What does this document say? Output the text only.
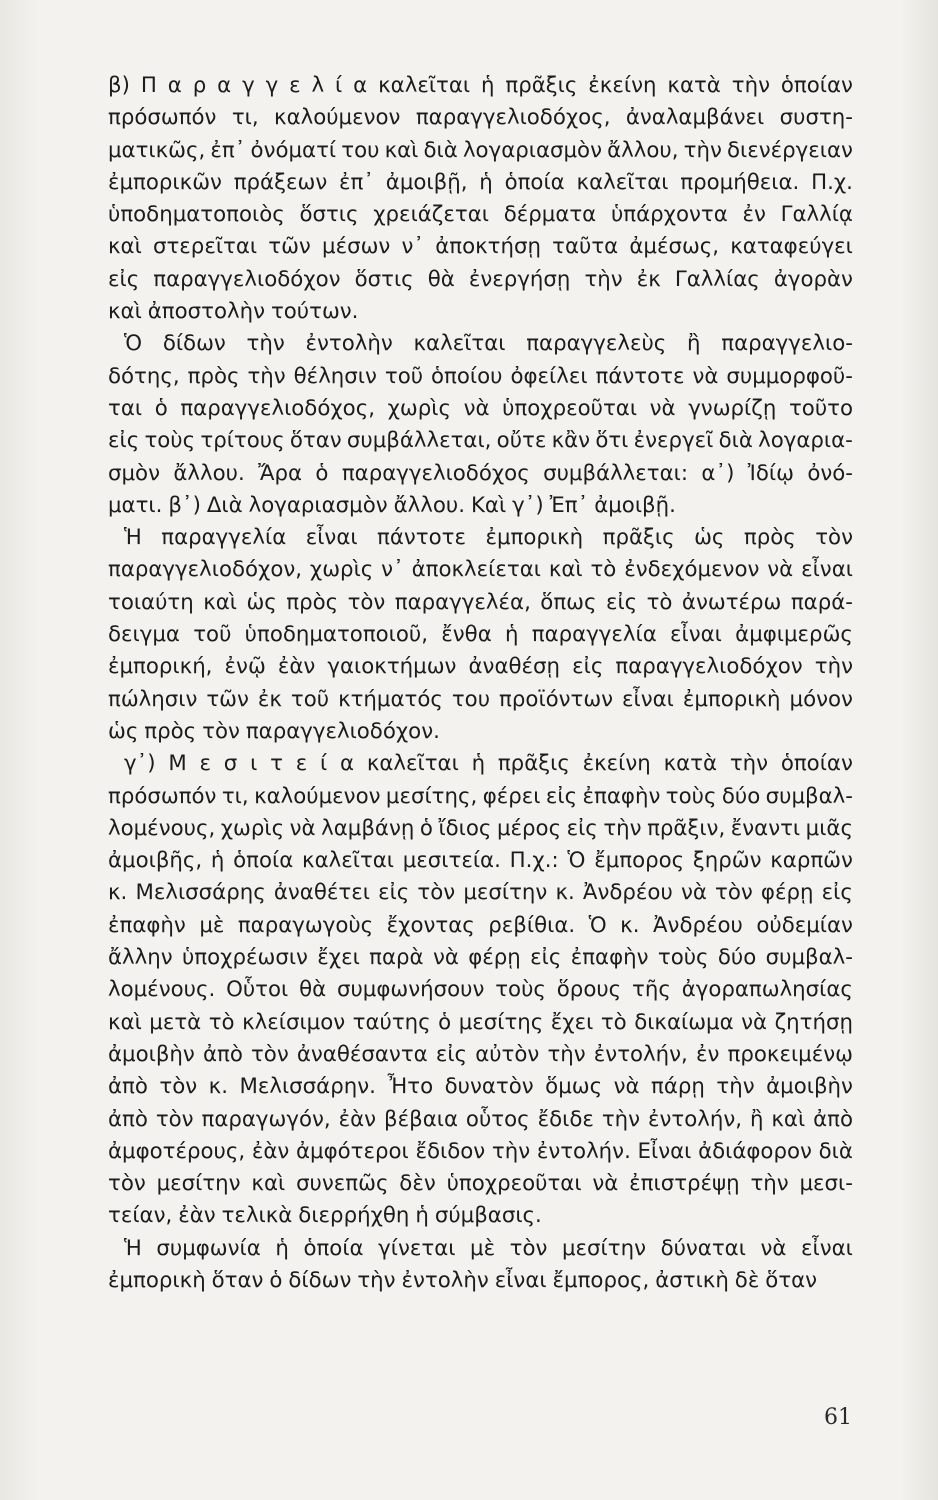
β) Π α ρ α γ γ ε λ ί α καλεῖται ἡ πρᾶξις ἐκείνη κατὰ τὴν ὁποίαν
πρόσωπόν τι, καλούμενον παραγγελιοδόχος, ἀναλαμβάνει συστη-
ματικῶς, ἐπ᾽ ὀνόματί του καὶ διὰ λογαριασμὸν ἄλλου, τὴν διενέργειαν
ἐμπορικῶν πράξεων ἐπ᾽ ἀμοιβῇ, ἡ ὁποία καλεῖται προμήθεια. Π.χ.
ὑποδηματοποιὸς ὅστις χρειάζεται δέρματα ὑπάρχοντα ἐν Γαλλίᾳ
καὶ στερεῖται τῶν μέσων ν᾽ ἀποκτήσῃ ταῦτα ἀμέσως, καταφεύγει
εἰς παραγγελιοδόχον ὅστις θὰ ἐνεργήσῃ τὴν ἐκ Γαλλίας ἀγορὰν
καὶ ἀποστολὴν τούτων.
Ὁ δίδων τὴν ἐντολὴν καλεῖται παραγγελεὺς ἢ παραγγελιο-
δότης, πρὸς τὴν θέλησιν τοῦ ὁποίου ὀφείλει πάντοτε νὰ συμμορφοῦ-
ται ὁ παραγγελιοδόχος, χωρὶς νὰ ὑποχρεοῦται νὰ γνωρίζῃ τοῦτο
εἰς τοὺς τρίτους ὅταν συμβάλλεται, οὔτε κἂν ὅτι ἐνεργεῖ διὰ λογαρια-
σμὸν ἄλλου. Ἄρα ὁ παραγγελιοδόχος συμβάλλεται: α᾽) Ἰδίῳ ὀνό-
ματι. β᾽) Διὰ λογαριασμὸν ἄλλου. Καὶ γ᾽) Ἐπ᾽ ἀμοιβῇ.
Ἡ παραγγελία εἶναι πάντοτε ἐμπορικὴ πρᾶξις ὡς πρὸς τὸν
παραγγελιοδόχον, χωρὶς ν᾽ ἀποκλείεται καὶ τὸ ἐνδεχόμενον νὰ εἶναι
τοιαύτη καὶ ὡς πρὸς τὸν παραγγελέα, ὅπως εἰς τὸ ἀνωτέρω παρά-
δειγμα τοῦ ὑποδηματοποιοῦ, ἔνθα ἡ παραγγελία εἶναι ἀμφιμερῶς
ἐμπορική, ἐνῷ ἐὰν γαιοκτήμων ἀναθέσῃ εἰς παραγγελιοδόχον τὴν
πώλησιν τῶν ἐκ τοῦ κτήματός του προϊόντων εἶναι ἐμπορικὴ μόνον
ὡς πρὸς τὸν παραγγελιοδόχον.
γ᾽) Μ ε σ ι τ ε ί α καλεῖται ἡ πρᾶξις ἐκείνη κατὰ τὴν ὁποίαν
πρόσωπόν τι, καλούμενον μεσίτης, φέρει εἰς ἐπαφὴν τοὺς δύο συμβαλ-
λομένους, χωρὶς νὰ λαμβάνῃ ὁ ἴδιος μέρος εἰς τὴν πρᾶξιν, ἔναντι μιᾶς
ἀμοιβῆς, ἡ ὁποία καλεῖται μεσιτεία. Π.χ.: Ὁ ἔμπορος ξηρῶν καρπῶν
κ. Μελισσάρης ἀναθέτει εἰς τὸν μεσίτην κ. Ἀνδρέου νὰ τὸν φέρῃ εἰς
ἐπαφὴν μὲ παραγωγοὺς ἔχοντας ρεβίθια. Ὁ κ. Ἀνδρέου οὐδεμίαν
ἄλλην ὑποχρέωσιν ἔχει παρὰ νὰ φέρῃ εἰς ἐπαφὴν τοὺς δύο συμβαλ-
λομένους. Οὗτοι θὰ συμφωνήσουν τοὺς ὅρους τῆς ἀγοραπωλησίας
καὶ μετὰ τὸ κλείσιμον ταύτης ὁ μεσίτης ἔχει τὸ δικαίωμα νὰ ζητήσῃ
ἀμοιβὴν ἀπὸ τὸν ἀναθέσαντα εἰς αὐτὸν τὴν ἐντολήν, ἐν προκειμένῳ
ἀπὸ τὸν κ. Μελισσάρην. Ἦτο δυνατὸν ὅμως νὰ πάρῃ τὴν ἀμοιβὴν
ἀπὸ τὸν παραγωγόν, ἐὰν βέβαια οὗτος ἔδιδε τὴν ἐντολήν, ἢ καὶ ἀπὸ
ἀμφοτέρους, ἐὰν ἀμφότεροι ἔδιδον τὴν ἐντολήν. Εἶναι ἀδιάφορον διὰ
τὸν μεσίτην καὶ συνεπῶς δὲν ὑποχρεοῦται νὰ ἐπιστρέψῃ τὴν μεσι-
τείαν, ἐὰν τελικὰ διερρήχθη ἡ σύμβασις.
Ἡ συμφωνία ἡ ὁποία γίνεται μὲ τὸν μεσίτην δύναται νὰ εἶναι
ἐμπορικὴ ὅταν ὁ δίδων τὴν ἐντολὴν εἶναι ἔμπορος, ἀστικὴ δὲ ὅταν
61
